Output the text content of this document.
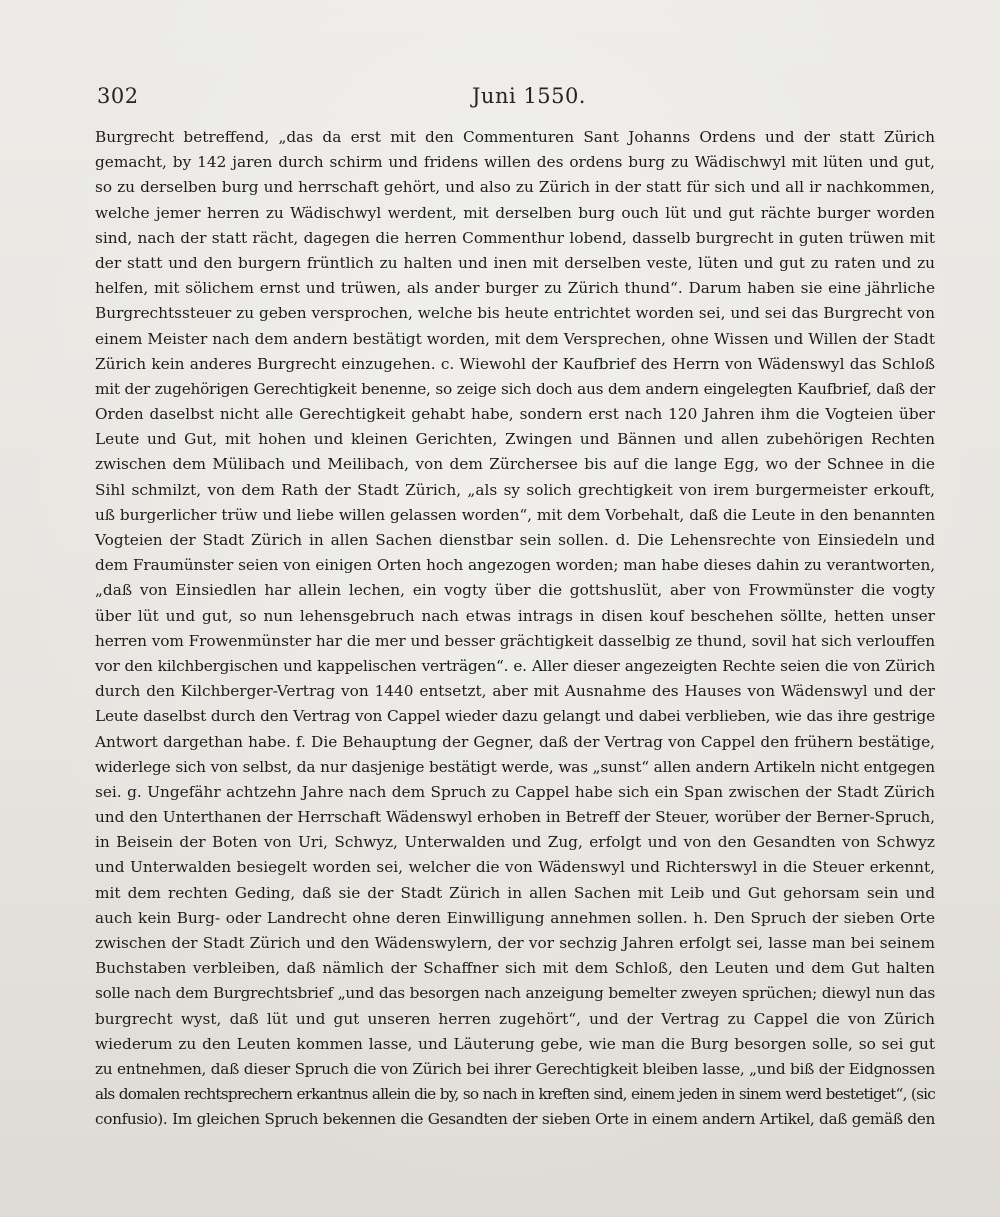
302	Juni 1550.
Burgrecht betreffend, „das da erst mit den Commenturen Sant Johanns Ordens und der statt Zürich
gemacht, by 142 jaren durch schirm und fridens willen des ordens burg zu Wädischwyl mit lüten und gut,
so zu derselben burg und herrschaft gehört, und also zu Zürich in der statt für sich und all ir nachkommen,
welche jemer herren zu Wädischwyl werdent, mit derselben burg ouch lüt und gut rächte burger worden
sind, nach der statt rächt, dagegen die herren Commenthur lobend, dasselb burgrecht in guten trüwen mit
der statt und den burgern früntlich zu halten und inen mit derselben veste, lüten und gut zu raten und zu
helfen, mit sölichem ernst und trüwen, als ander burger zu Zürich thund“. Darum haben sie eine jährliche
Burgrechtssteuer zu geben versprochen, welche bis heute entrichtet worden sei, und sei das Burgrecht von
einem Meister nach dem andern bestätigt worden, mit dem Versprechen, ohne Wissen und Willen der Stadt
Zürich kein anderes Burgrecht einzugehen. c. Wiewohl der Kaufbrief des Herrn von Wädenswyl das Schloß
mit der zugehörigen Gerechtigkeit benenne, so zeige sich doch aus dem andern eingelegten Kaufbrief, daß der
Orden daselbst nicht alle Gerechtigkeit gehabt habe, sondern erst nach 120 Jahren ihm die Vogteien über
Leute und Gut, mit hohen und kleinen Gerichten, Zwingen und Bännen und allen zubehörigen Rechten
zwischen dem Mülibach und Meilibach, von dem Zürchersee bis auf die lange Egg, wo der Schnee in die
Sihl schmilzt, von dem Rath der Stadt Zürich, „als sy solich grechtigkeit von irem burgermeister erkouft,
uß burgerlicher trüw und liebe willen gelassen worden“, mit dem Vorbehalt, daß die Leute in den benannten
Vogteien der Stadt Zürich in allen Sachen dienstbar sein sollen. d. Die Lehensrechte von Einsiedeln und
dem Fraumünster seien von einigen Orten hoch angezogen worden; man habe dieses dahin zu verantworten,
„daß von Einsiedlen har allein lechen, ein vogty über die gottshuslüt, aber von Frowmünster die vogty
über lüt und gut, so nun lehensgebruch nach etwas intrags in disen kouf beschehen söllte, hetten unser
herren vom Frowenmünster har die mer und besser grächtigkeit dasselbig ze thund, sovil hat sich verlouffen
vor den kilchbergischen und kappelischen verträgen“. e. Aller dieser angezeigten Rechte seien die von Zürich
durch den Kilchberger-Vertrag von 1440 entsetzt, aber mit Ausnahme des Hauses von Wädenswyl und der
Leute daselbst durch den Vertrag von Cappel wieder dazu gelangt und dabei verblieben, wie das ihre gestrige
Antwort dargethan habe. f. Die Behauptung der Gegner, daß der Vertrag von Cappel den frühern bestätige,
widerlege sich von selbst, da nur dasjenige bestätigt werde, was „sunst“ allen andern Artikeln nicht entgegen
sei. g. Ungefähr achtzehn Jahre nach dem Spruch zu Cappel habe sich ein Span zwischen der Stadt Zürich
und den Unterthanen der Herrschaft Wädenswyl erhoben in Betreff der Steuer, worüber der Berner-Spruch,
in Beisein der Boten von Uri, Schwyz, Unterwalden und Zug, erfolgt und von den Gesandten von Schwyz
und Unterwalden besiegelt worden sei, welcher die von Wädenswyl und Richterswyl in die Steuer erkennt,
mit dem rechten Geding, daß sie der Stadt Zürich in allen Sachen mit Leib und Gut gehorsam sein und
auch kein Burg- oder Landrecht ohne deren Einwilligung annehmen sollen. h. Den Spruch der sieben Orte
zwischen der Stadt Zürich und den Wädenswylern, der vor sechzig Jahren erfolgt sei, lasse man bei seinem
Buchstaben verbleiben, daß nämlich der Schaffner sich mit dem Schloß, den Leuten und dem Gut halten
solle nach dem Burgrechtsbrief „und das besorgen nach anzeigung bemelter zweyen sprüchen; diewyl nun das
burgrecht wyst, daß lüt und gut unseren herren zugehört“, und der Vertrag zu Cappel die von Zürich
wiederum zu den Leuten kommen lasse, und Läuterung gebe, wie man die Burg besorgen solle, so sei gut
zu entnehmen, daß dieser Spruch die von Zürich bei ihrer Gerechtigkeit bleiben lasse, „und biß der Eidgnossen
als domalen rechtsprechern erkantnus allein die by, so nach in kreften sind, einem jeden in sinem werd bestetiget“, (sic
confusio). Im gleichen Spruch bekennen die Gesandten der sieben Orte in einem andern Artikel, daß gemäß den
